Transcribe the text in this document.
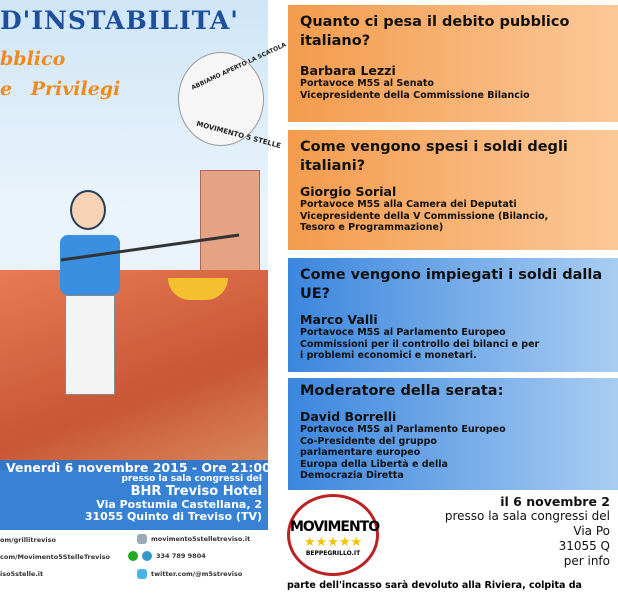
D'INSTABILITA'
bblico
e Privilegi	ABBIAMO APERTO LA SCATOLA
MOVIMENTO 5 STELLE
Venerdì 6 novembre 2015 - Ore 21:00
presso la sala congressi del
BHR Treviso Hotel
Via Postumia Castellana, 2
31055 Quinto di Treviso (TV)
om/grillitreviso
com/Movimento5StelleTreviso
iso5stelle.it
movimento5stelletreviso.it
334 789 9804
twitter.com/@m5streviso
Quanto ci pesa il debito pubblico italiano?
Barbara Lezzi
Portavoce M5S al Senato
Vicepresidente della Commissione Bilancio
Come vengono spesi i soldi degli italiani?
Giorgio Sorial
Portavoce M5S alla Camera dei Deputati
Vicepresidente della V Commissione (Bilancio,
Tesoro e Programmazione)
Come vengono impiegati i soldi dalla UE?
Marco Valli
Portavoce M5S al Parlamento Europeo
Commissioni per il controllo dei bilanci e per
i problemi economici e monetari.
Moderatore della serata:
David Borrelli
Portavoce M5S al Parlamento Europeo
Co-Presidente del gruppo
parlamentare europeo
Europa della Libertà e della
Democrazia Diretta
MOVIMENTO
★★★★★
BEPPEGRILLO.IT
il 6 novembre 2
presso la sala congressi del
Via Po
31055 Q
per info
parte dell'incasso sarà devoluto alla Riviera, colpita da
